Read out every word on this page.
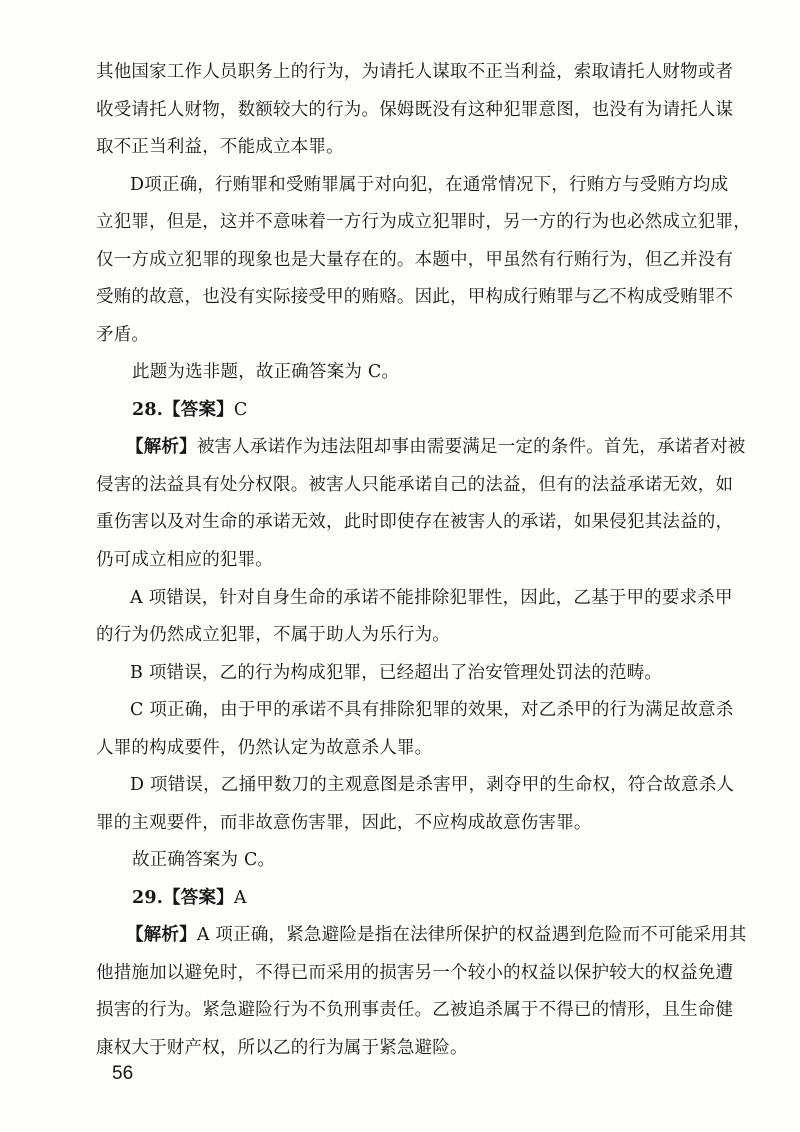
其他国家工作人员职务上的行为，为请托人谋取不正当利益，索取请托人财物或者
收受请托人财物，数额较大的行为。保姆既没有这种犯罪意图，也没有为请托人谋
取不正当利益，不能成立本罪。
D项正确，行贿罪和受贿罪属于对向犯，在通常情况下，行贿方与受贿方均成
立犯罪，但是，这并不意味着一方行为成立犯罪时，另一方的行为也必然成立犯罪，
仅一方成立犯罪的现象也是大量存在的。本题中，甲虽然有行贿行为，但乙并没有
受贿的故意，也没有实际接受甲的贿赂。因此，甲构成行贿罪与乙不构成受贿罪不
矛盾。
此题为选非题，故正确答案为 C。
28.【答案】C
【解析】被害人承诺作为违法阻却事由需要满足一定的条件。首先，承诺者对被
侵害的法益具有处分权限。被害人只能承诺自己的法益，但有的法益承诺无效，如
重伤害以及对生命的承诺无效，此时即使存在被害人的承诺，如果侵犯其法益的，
仍可成立相应的犯罪。
A 项错误，针对自身生命的承诺不能排除犯罪性，因此，乙基于甲的要求杀甲
的行为仍然成立犯罪，不属于助人为乐行为。
B 项错误，乙的行为构成犯罪，已经超出了治安管理处罚法的范畴。
C 项正确，由于甲的承诺不具有排除犯罪的效果，对乙杀甲的行为满足故意杀
人罪的构成要件，仍然认定为故意杀人罪。
D 项错误，乙捅甲数刀的主观意图是杀害甲，剥夺甲的生命权，符合故意杀人
罪的主观要件，而非故意伤害罪，因此，不应构成故意伤害罪。
故正确答案为 C。
29.【答案】A
【解析】A 项正确，紧急避险是指在法律所保护的权益遇到危险而不可能采用其
他措施加以避免时，不得已而采用的损害另一个较小的权益以保护较大的权益免遭
损害的行为。紧急避险行为不负刑事责任。乙被追杀属于不得已的情形，且生命健
康权大于财产权，所以乙的行为属于紧急避险。
56
